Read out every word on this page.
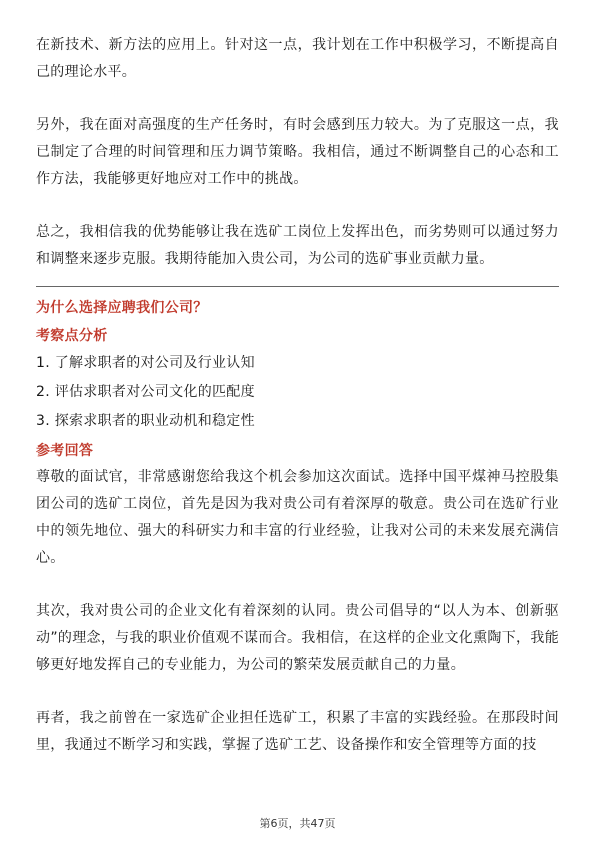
在新技术、新方法的应用上。针对这一点，我计划在工作中积极学习，不断提高自己的理论水平。

另外，我在面对高强度的生产任务时，有时会感到压力较大。为了克服这一点，我已制定了合理的时间管理和压力调节策略。我相信，通过不断调整自己的心态和工作方法，我能够更好地应对工作中的挑战。

总之，我相信我的优势能够让我在选矿工岗位上发挥出色，而劣势则可以通过努力和调整来逐步克服。我期待能加入贵公司，为公司的选矿事业贡献力量。

为什么选择应聘我们公司？
考察点分析
1. 了解求职者的对公司及行业认知
2. 评估求职者对公司文化的匹配度
3. 探索求职者的职业动机和稳定性
参考回答

尊敬的面试官，非常感谢您给我这个机会参加这次面试。选择中国平煤神马控股集团公司的选矿工岗位，首先是因为我对贵公司有着深厚的敬意。贵公司在选矿行业中的领先地位、强大的科研实力和丰富的行业经验，让我对公司的未来发展充满信心。

其次，我对贵公司的企业文化有着深刻的认同。贵公司倡导的“以人为本、创新驱动”的理念，与我的职业价值观不谋而合。我相信，在这样的企业文化熏陶下，我能够更好地发挥自己的专业能力，为公司的繁荣发展贡献自己的力量。

再者，我之前曾在一家选矿企业担任选矿工，积累了丰富的实践经验。在那段时间里，我通过不断学习和实践，掌握了选矿工艺、设备操作和安全管理等方面的技

第6页，共47页
